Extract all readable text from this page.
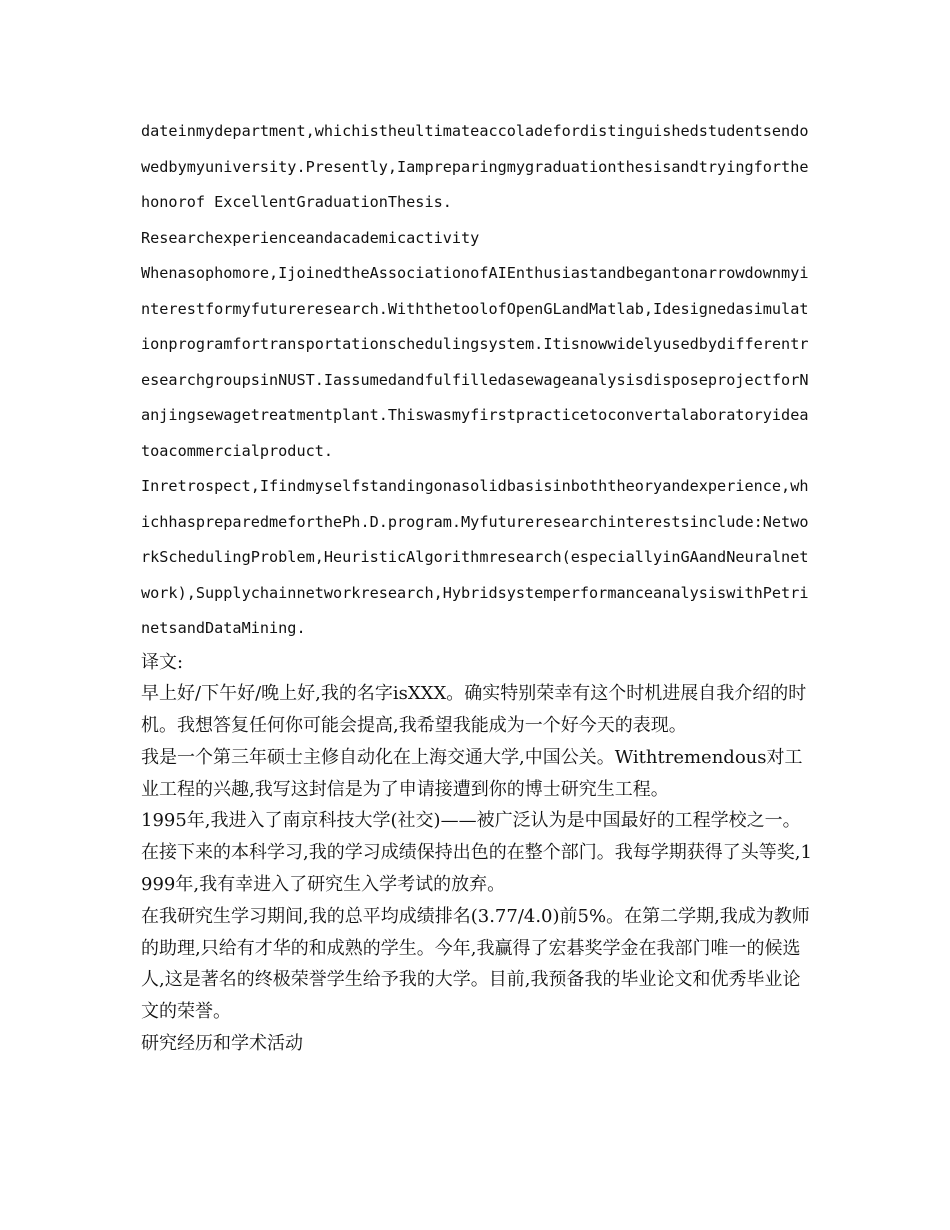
dateinmydepartment,whichistheultimateaccoladefordistinguishedstudentsendowedbymyuniversity.Presently,Iampreparingmygraduationthesisandtryingforthehonorof ExcellentGraduationThesis.

Researchexperienceandacademicactivity

Whenasophomore,IjoinedtheAssociationofAIEnthusiastandbegantonarrowdownmyinterestformyfutureresearch.WiththetoolofOpenGLandMatlab,Idesignedasimulationprogramfortransportationschedulingsystem.ItisnowwidelyusedbydifferentresearchgroupsinNUST.IassumedandfulfilledasewageanalysisdisposeprojectforNanjingsewagetreatmentplant.Thiswasmyfirstpracticetoconvertalaboratoryideatoacommercialproduct.

Inretrospect,Ifindmyselfstandingonasolidbasisinboththeoryandexperience,whichhaspreparedmeforthePh.D.program.Myfutureresearchinterestsinclude:NetworkSchedulingProblem,HeuristicAlgorithmresearch(especiallyinGAandNeuralnetwork),Supplychainnetworkresearch,HybridsystemperformanceanalysiswithPetrinetsandDataMining.

译文:

早上好/下午好/晚上好,我的名字isXXX。确实特别荣幸有这个时机进展自我介绍的时机。我想答复任何你可能会提高,我希望我能成为一个好今天的表现。

我是一个第三年硕士主修自动化在上海交通大学,中国公关。Withtremendous对工业工程的兴趣,我写这封信是为了申请接遭到你的博士研究生工程。

1995年,我进入了南京科技大学(社交)——被广泛认为是中国最好的工程学校之一。在接下来的本科学习,我的学习成绩保持出色的在整个部门。我每学期获得了头等奖,1999年,我有幸进入了研究生入学考试的放弃。

在我研究生学习期间,我的总平均成绩排名(3.77/4.0)前5%。在第二学期,我成为教师的助理,只给有才华的和成熟的学生。今年,我赢得了宏碁奖学金在我部门唯一的候选人,这是著名的终极荣誉学生给予我的大学。目前,我预备我的毕业论文和优秀毕业论文的荣誉。

研究经历和学术活动
